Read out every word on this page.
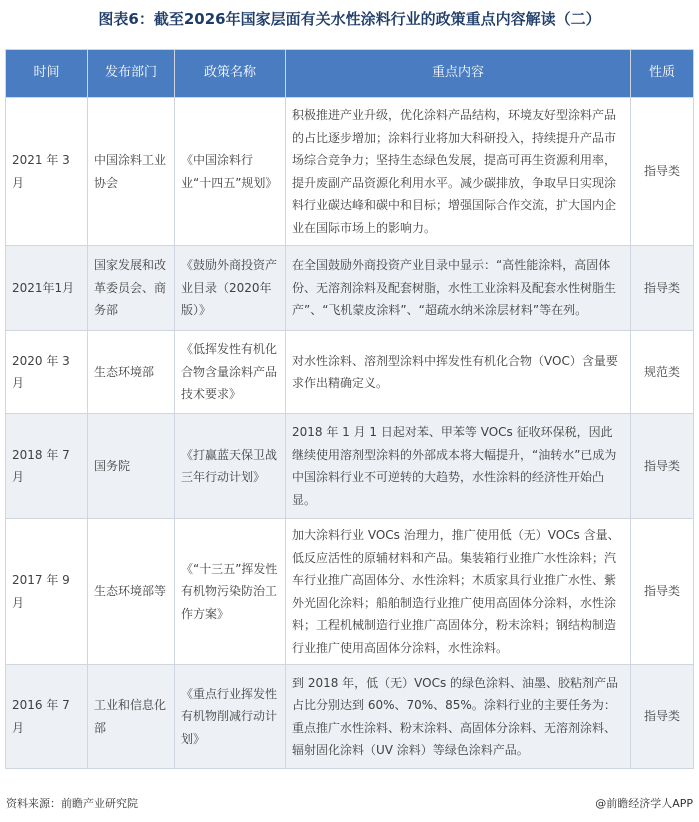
图表6：截至2026年国家层面有关水性涂料行业的政策重点内容解读（二）
时间	发布部门	政策名称	重点内容	性质
2021 年 3 月	中国涂料工业协会	《中国涂料行业“十四五”规划》	积极推进产业升级，优化涂料产品结构，环境友好型涂料产品的占比逐步增加；涂料行业将加大科研投入，持续提升产品市场综合竞争力；坚持生态绿色发展，提高可再生资源利用率，提升废副产品资源化利用水平。减少碳排放，争取早日实现涂料行业碳达峰和碳中和目标；增强国际合作交流，扩大国内企业在国际市场上的影响力。	指导类
2021年1月	国家发展和改革委员会、商务部	《鼓励外商投资产业目录（2020年版）》	在全国鼓励外商投资产业目录中显示：“高性能涂料，高固体份、无溶剂涂料及配套树脂，水性工业涂料及配套水性树脂生产”、“飞机蒙皮涂料”、“超疏水纳米涂层材料”等在列。	指导类
2020 年 3 月	生态环境部	《低挥发性有机化合物含量涂料产品技术要求》	对水性涂料、溶剂型涂料中挥发性有机化合物（VOC）含量要求作出精确定义。	规范类
2018 年 7 月	国务院	《打赢蓝天保卫战三年行动计划》	2018 年 1 月 1 日起对苯、甲苯等 VOCs 征收环保税，因此继续使用溶剂型涂料的外部成本将大幅提升，“油转水”已成为中国涂料行业不可逆转的大趋势，水性涂料的经济性开始凸显。	指导类
2017 年 9 月	生态环境部等	《“十三五”挥发性有机物污染防治工作方案》	加大涂料行业 VOCs 治理力，推广使用低（无）VOCs 含量、低反应活性的原辅材料和产品。集装箱行业推广水性涂料；汽车行业推广高固体分、水性涂料；木质家具行业推广水性、紫外光固化涂料；船舶制造行业推广使用高固体分涂料，水性涂料；工程机械制造行业推广高固体分，粉末涂料；钢结构制造行业推广使用高固体分涂料，水性涂料。	指导类
2016 年 7 月	工业和信息化部	《重点行业挥发性有机物削减行动计划》	到 2018 年，低（无）VOCs 的绿色涂料、油墨、胶粘剂产品占比分别达到 60%、70%、85%。涂料行业的主要任务为：重点推广水性涂料、粉末涂料、高固体分涂料、无溶剂涂料、辐射固化涂料（UV 涂料）等绿色涂料产品。	指导类
资料来源：前瞻产业研究院	@前瞻经济学人APP
